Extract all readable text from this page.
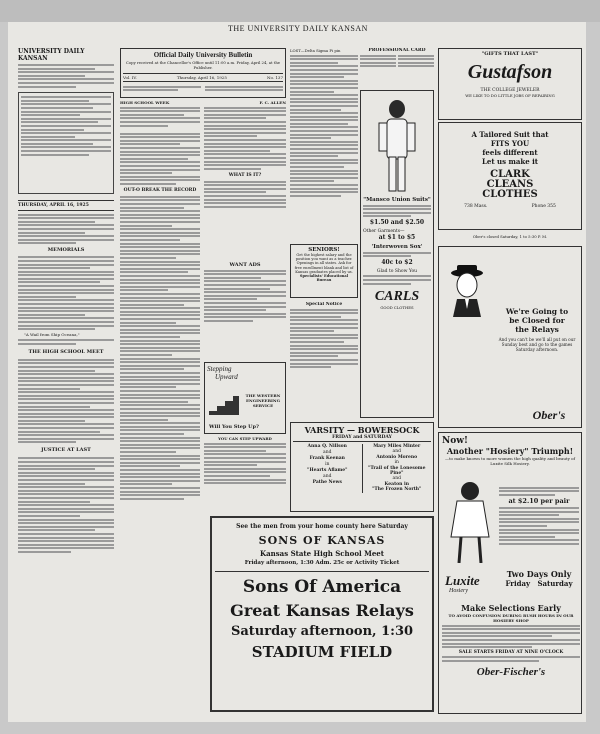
THE UNIVERSITY DAILY KANSAN
UNIVERSITY DAILY KANSAN
THURSDAY, APRIL 16, 1925
MEMORIALS
"A Wail from Ship Oceana,"
THE HIGH SCHOOL MEET
JUSTICE AT LAST
Official Daily University Bulletin
Copy received at the Chancellor's Office until 11:00 a.m. Friday, April 24, at the Publisher.
Vol. IV.	Thursday, April 16, 1925	No. 137
HIGH SCHOOL WEEK
OUT-O BREAK THE RECORD
F. C. ALLEN
WHAT IS IT?
WANT ADS
Stepping
Upward
THE WESTERN ENGINEERING SERVICE
Will You Step Up?
YOU CAN STEP UPWARD
LOST—Delta Sigma Pi pin
SENIORS!
Get the highest salary and the position you want as a teacher. Openings in all states. Ask for free enrollment blank and list of Kansas graduates placed by us.
Specialists' Educational Bureau
Special Notice
PROFESSIONAL CARD
"Mansco Union Suits"
$1.50 and $2.50
Other Garments—
at $1 to $5
'Interwoven Sox'
40c to $2
Glad to Show You
CARLS
GOOD CLOTHES
"GIFTS THAT LAST"
Gustafson
THE COLLEGE JEWELER
WE LIKE TO DO LITTLE JOBS OF REPAIRING
A Tailored Suit that
FITS YOU
feels different
Let us make it
CLARK
CLEANS
CLOTHES
738 Mass.	Phone 355
Ober's closed Saturday, 1 to 5:30 P. M.
We're Going to
be Closed for
the Relays
And you can't be we'll all put on our Sunday best and go to the games Saturday afternoon.
Ober's
VARSITY — BOWERSOCK
FRIDAY and SATURDAY
Anna Q. Nillson
and
Frank Keenan
in
"Hearts Aflame"
and
Pathe News
Mary Miles Minter
and
Antonio Moreno
in
"Trail of the Lonesome Pine"
and
Keaton in
"The Frozen North"
See the men from your home county here Saturday
SONS OF KANSAS
Kansas State High School Meet
Friday afternoon, 1:30 Adm. 25c or Activity Ticket
Sons Of America
Great Kansas Relays
Saturday afternoon, 1:30
STADIUM FIELD
Now!
Another "Hosiery" Triumph!
—to make known to more women the high quality and beauty of Luxite Silk Hosiery.
at $2.10 per pair
Luxite
Hosiery
Two Days Only
Friday   Saturday
Make Selections Early
TO AVOID CONFUSION DURING RUSH HOURS IN OUR HOSIERY SHOP
SALE STARTS FRIDAY AT NINE O'CLOCK
Ober-Fischer's
